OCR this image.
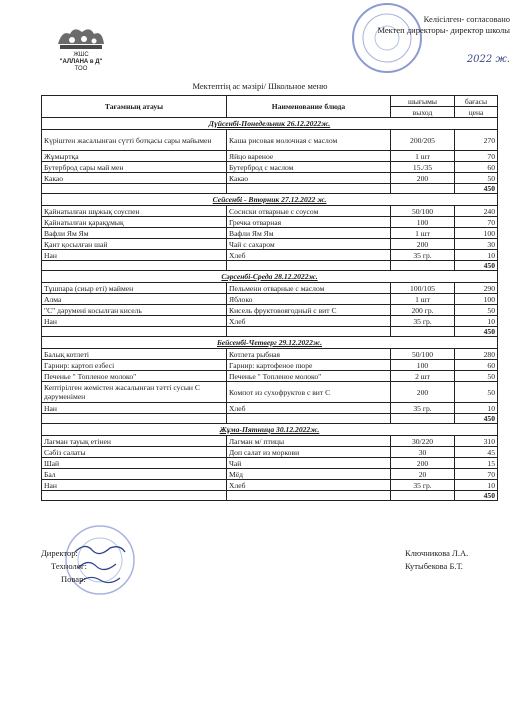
ЖШС
"АЛЛАНА в Д"
ТОО
Келісілген- согласовано
Мектеп директоры- директор школы
2022 ж.
Мектептің ас мәзірі/ Школьное меню
Тағамның атауы	Наименование блюда	шығымы	бағасы
		выход	цена
Дүйсенбі-Понедельник 26.12.2022ж.			
Күріштен жасалынған сүтті ботқасы сары майымен	Каша рисовая молочная с маслом	200/205	270
Жұмыртқа	Яйцо вареное	1 шт	70
Бутерброд сары май мен	Бутерброд с маслом	15./35	60
Какао	Какао	200	50
			450
Сейсенбі - Вторник 27.12.2022 ж.			
Қайнатылған шұжық соуспен	Сосиски отварные с соусом	50/100	240
Қайнатылған қарақұмық	Гречка отварная	100	70
Вафли Ям Ям	Вафли Ям Ям	1 шт	100
Қант қосылған шай	Чай с сахаром	200	30
Нан	Хлеб	35 гр.	10
			450
Сәрсенбі-Среда 28.12.2022ж.			
Тұшпара (сиыр еті) маймен	Пельмени отварные с маслом	100/105	290
Алма	Яблоко	1 шт	100
"С" дәрумені косылған кисель	Кисель фруктовоягодный с вит С	200 гр.	50
Нан	Хлеб	35 гр.	10
			450
Бейсенбі-Четверг 29.12.2022ж.			
Балық котлеті	Котлета рыбная	50/100	280
Гарнир: картоп езбесі	Гарнир: картофеное пюре	100	60
Печенье " Топленое молоко"	Печенье " Топленое молоко"	2 шт	50
Кептірілген жемістен жасалынған тәтті сусын С дәруменімен	Компот из сухофруктов с вит С	200	50
Нан	Хлеб	35 гр.	10
			450
Жұма-Пятница 30.12.2022ж.			
Лағман тауық етінен	Лагман м/ птицы	30/220	310
Сәбіз салаты	Доп салат из моркови	30	45
Шай	Чай	200	15
Бал	Мёд	20	70
Нан	Хлеб	35 гр.	10
			450
Директор:	Ключникова Л.А.
Технолог:	Кутыбекова Б.Т.
Повар:
